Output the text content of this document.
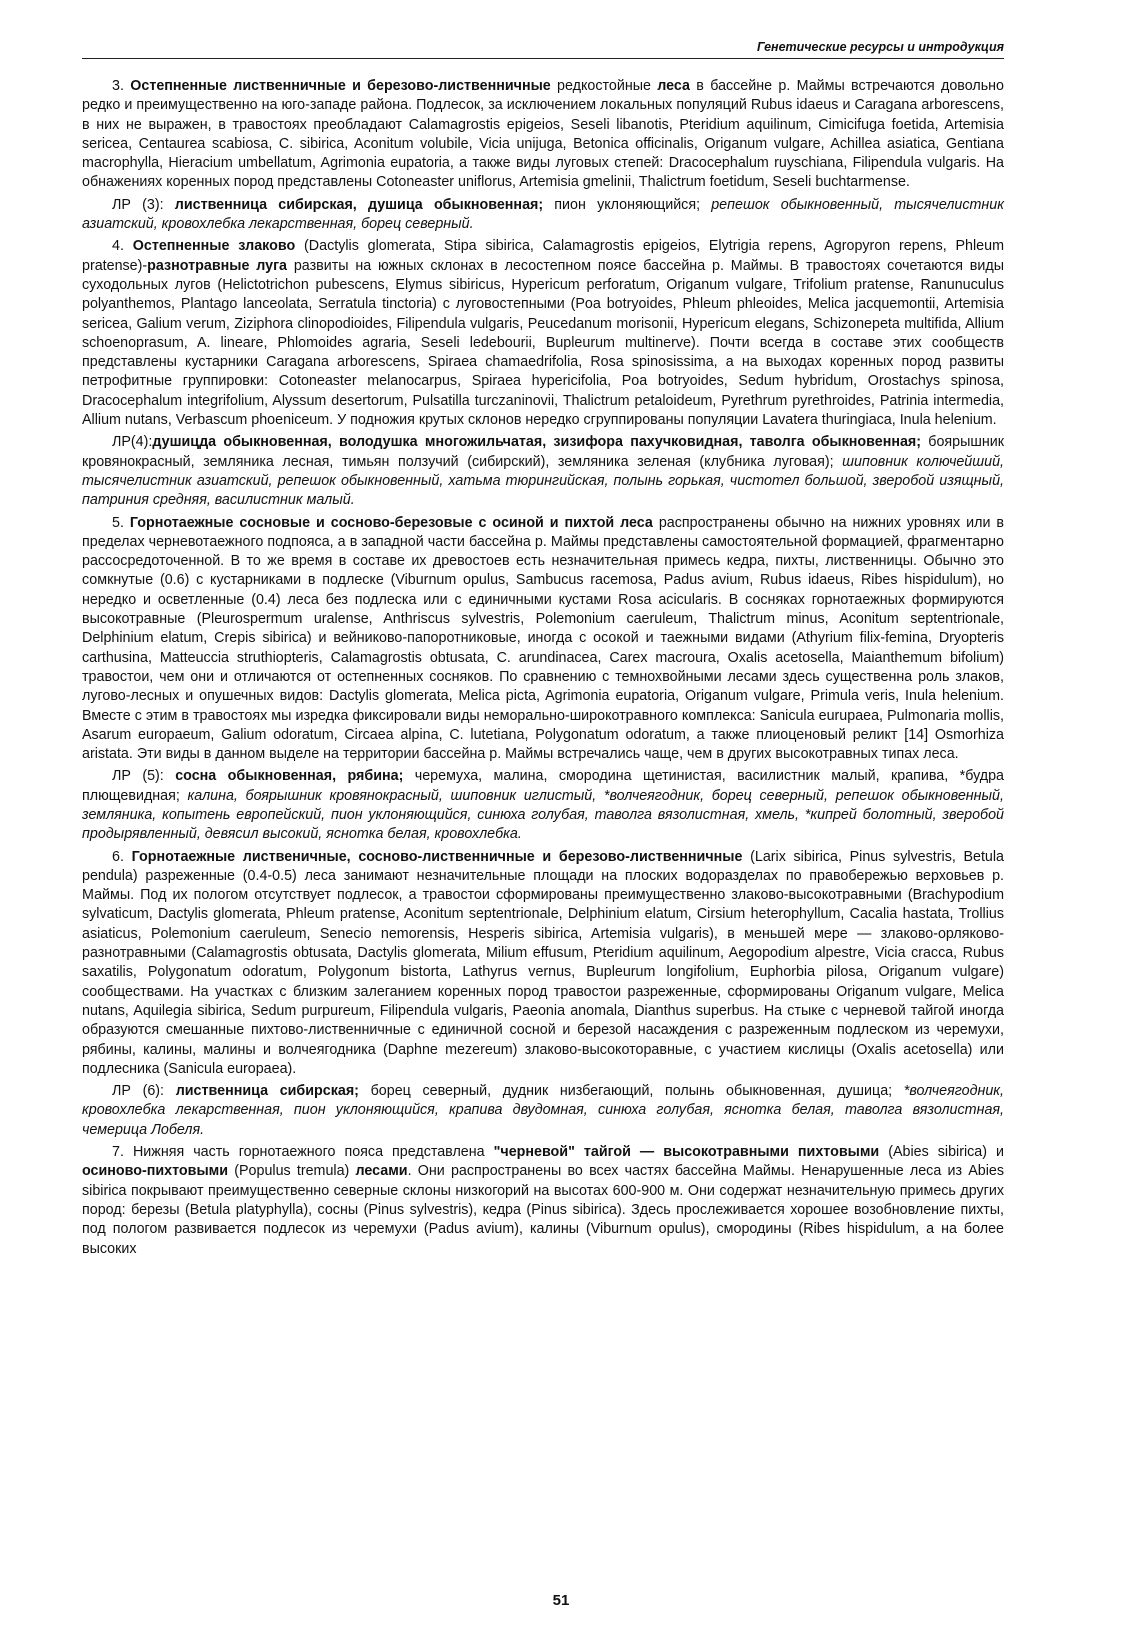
Генетические ресурсы и интродукция

3. Остепненные лиственничные и березово-лиственничные редкостойные леса в бассейне р. Маймы встречаются довольно редко и преимущественно на юго-западе района. Подлесок, за исключением локальных популяций Rubus idaeus и Caragana arborescens, в них не выражен, в травостоях преобладают Calamagrostis epigeios, Seseli libanotis, Pteridium aquilinum, Cimicifuga foetida, Artemisia sericea, Centaurea scabiosa, C. sibirica, Aconitum volubile, Vicia unijuga, Betonica officinalis, Origanum vulgare, Achillea asiatica, Gentiana macrophylla, Hieracium umbellatum, Agrimonia eupatoria, а также виды луговых степей: Dracocephalum ruyschiana, Filipendula vulgaris. На обнажениях коренных пород представлены Cotoneaster uniflorus, Artemisia gmelinii, Thalictrum foetidum, Seseli buchtarmense.

ЛР (3): лиственница сибирская, душица обыкновенная; пион уклоняющийся; репешок обыкновенный, тысячелистник азиатский, кровохлебка лекарственная, борец северный.

4. Остепненные злаково (Dactylis glomerata, Stipa sibirica, Calamagrostis epigeios, Elytrigia repens, Agropyron repens, Phleum pratense)-разнотравные луга развиты на южных склонах в лесостепном поясе бассейна р. Маймы. В травостоях сочетаются виды суходольных лугов (Helictotrichon pubescens, Elymus sibiricus, Hypericum perforatum, Origanum vulgare, Trifolium pratense, Ranunuculus polyanthemos, Plantago lanceolata, Serratula tinctoria) с луговостепными (Poa botryoides, Phleum phleoides, Melica jacquemontii, Artemisia sericea, Galium verum, Ziziphora clinopodioides, Filipendula vulgaris, Peucedanum morisonii, Hypericum elegans, Schizonepeta multifida, Allium schoenoprasum, A. lineare, Phlomoides agraria, Seseli ledebourii, Bupleurum multinerve). Почти всегда в составе этих сообществ представлены кустарники Caragana arborescens, Spiraea chamaedrifolia, Rosa spinosissima, а на выходах коренных пород развиты петрофитные группировки: Cotoneaster melanocarpus, Spiraea hypericifolia, Poa botryoides, Sedum hybridum, Orostachys spinosa, Dracocephalum integrifolium, Alyssum desertorum, Pulsatilla turczaninovii, Thalictrum petaloideum, Pyrethrum pyrethroides, Patrinia intermedia, Allium nutans, Verbascum phoeniceum. У подножия крутых склонов нередко сгруппированы популяции Lavatera thuringiaca, Inula helenium.

ЛР(4):душицда обыкновенная, володушка многожильчатая, зизифора пахучковидная, таволга обыкновенная; боярышник кровянокрасный, земляника лесная, тимьян ползучий (сибирский), земляника зеленая (клубника луговая); шиповник колючейший, тысячелистник азиатский, репешок обыкновенный, хатьма тюрингийская, полынь горькая, чистотел большой, зверобой изящный, патриния средняя, василистник малый.

5. Горнотаежные сосновые и сосново-березовые с осиной и пихтой леса распространены обычно на нижних уровнях или в пределах черневотаежного подпояса, а в западной части бассейна р. Маймы представлены самостоятельной формацией, фрагментарно рассосредоточенной. В то же время в составе их древостоев есть незначительная примесь кедра, пихты, лиственницы. Обычно это сомкнутые (0.6) с кустарниками в подлеске (Viburnum opulus, Sambucus racemosa, Padus avium, Rubus idaeus, Ribes hispidulum), но нередко и осветленные (0.4) леса без подлеска или с единичными кустами Rosa acicularis. В сосняках горнотаежных формируются высокотравные (Pleurospermum uralense, Anthriscus sylvestris, Polemonium caeruleum, Thalictrum minus, Aconitum septentrionale, Delphinium elatum, Crepis sibirica) и вейниково-папоротниковые, иногда с осокой и таежными видами (Athyrium filix-femina, Dryopteris carthusina, Matteuccia struthiopteris, Calamagrostis obtusata, C. arundinacea, Carex macroura, Oxalis acetosella, Maianthemum bifolium) травостои, чем они и отличаются от остепненных сосняков. По сравнению с темнохвойными лесами здесь существенна роль злаков, лугово-лесных и опушечных видов: Dactylis glomerata, Melica picta, Agrimonia eupatoria, Origanum vulgare, Primula veris, Inula helenium. Вместе с этим в травостоях мы изредка фиксировали виды неморально-широкотравного комплекса: Sanicula eurupaea, Pulmonaria mollis, Asarum europaeum, Galium odoratum, Circaea alpina, C. lutetiana, Polygonatum odoratum, а также плиоценовый реликт [14] Osmorhiza aristata. Эти виды в данном выделе на территории бассейна р. Маймы встречались чаще, чем в других высокотравных типах леса.

ЛР (5): сосна обыкновенная, рябина; черемуха, малина, смородина щетинистая, василистник малый, крапива, *будра плющевидная; калина, боярышник кровянокрасный, шиповник иглистый, *волчеягодник, борец северный, репешок обыкновенный, земляника, копытень европейский, пион уклоняющийся, синюха голубая, таволга вязолистная, хмель, *кипрей болотный, зверобой продырявленный, девясил высокий, яснотка белая, кровохлебка.

6. Горнотаежные лиственичные, сосново-лиственничные и березово-лиственничные (Larix sibirica, Pinus sylvestris, Betula pendula) разреженные (0.4-0.5) леса занимают незначительные площади на плоских водоразделах по правобережью верховьев р. Маймы. Под их пологом отсутствует подлесок, а травостои сформированы преимущественно злаково-высокотравными (Brachypodium sylvaticum, Dactylis glomerata, Phleum pratense, Aconitum septentrionale, Delphinium elatum, Cirsium heterophyllum, Cacalia hastata, Trollius asiaticus, Polemonium caeruleum, Senecio nemorensis, Hesperis sibirica, Artemisia vulgaris), в меньшей мере — злаково-орляково-разнотравными (Calamagrostis obtusata, Dactylis glomerata, Milium effusum, Pteridium aquilinum, Aegopodium alpestre, Vicia cracca, Rubus saxatilis, Polygonatum odoratum, Polygonum bistorta, Lathyrus vernus, Bupleurum longifolium, Euphorbia pilosa, Origanum vulgare) сообществами. На участках с близким залеганием коренных пород травостои разреженные, сформированы Origanum vulgare, Melica nutans, Aquilegia sibirica, Sedum purpureum, Filipendula vulgaris, Paeonia anomala, Dianthus superbus. На стыке с черневой тайгой иногда образуются смешанные пихтово-лиственничные с единичной сосной и березой насаждения с разреженным подлеском из черемухи, рябины, калины, малины и волчеягодника (Daphne mezereum) злаково-высокоторавные, с участием кислицы (Oxalis acetosella) или подлесника (Sanicula europaea).

ЛР (6): лиственница сибирская; борец северный, дудник низбегающий, полынь обыкновенная, душица; *волчеягодник, кровохлебка лекарственная, пион уклоняющийся, крапива двудомная, синюха голубая, яснотка белая, таволга вязолистная, чемерица Лобеля.

7. Нижняя часть горнотаежного пояса представлена "черневой" тайгой — высокотравными пихтовыми (Abies sibirica) и осиново-пихтовыми (Populus tremula) лесами. Они распространены во всех частях бассейна Маймы. Ненарушенные леса из Abies sibirica покрывают преимущественно северные склоны низкогорий на высотах 600-900 м. Они содержат незначительную примесь других пород: березы (Betula platyphylla), сосны (Pinus sylvestris), кедра (Pinus sibirica). Здесь прослеживается хорошее возобновление пихты, под пологом развивается подлесок из черемухи (Padus avium), калины (Viburnum opulus), смородины (Ribes hispidulum, а на более высоких

51
